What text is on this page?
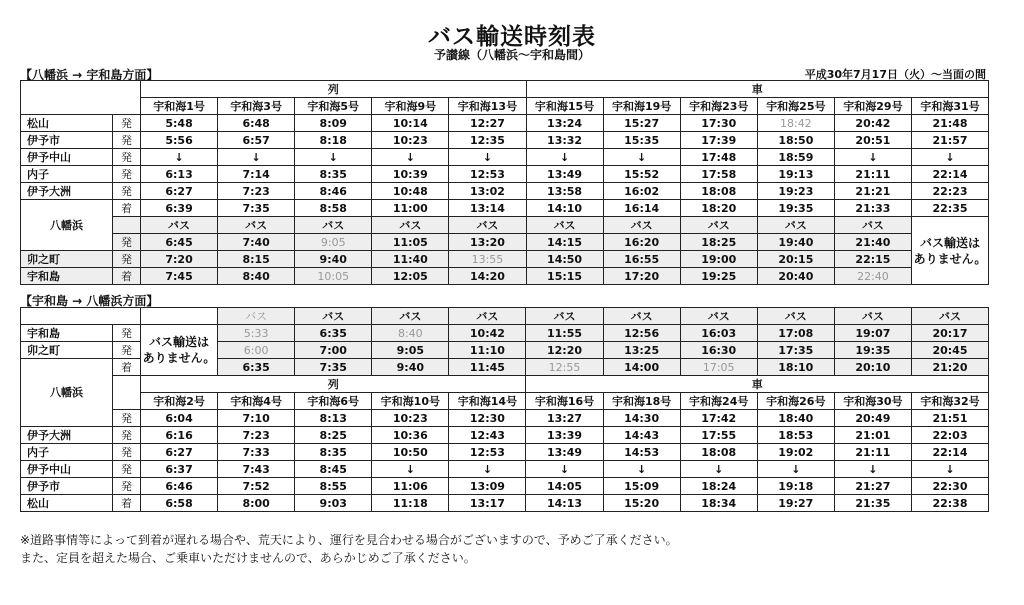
バス輸送時刻表
予讃線（八幡浜～宇和島間）
【八幡浜 → 宇和島方面】	平成30年7月17日（火）～当面の間
		列					車					
		宇和海1号	宇和海3号	宇和海5号	宇和海9号	宇和海13号	宇和海15号	宇和海19号	宇和海23号	宇和海25号	宇和海29号	宇和海31号
松山	発	5:48	6:48	8:09	10:14	12:27	13:24	15:27	17:30	18:42	20:42	21:48
伊予市	発	5:56	6:57	8:18	10:23	12:35	13:32	15:35	17:39	18:50	20:51	21:57
伊予中山	発	↓	↓	↓	↓	↓	↓	↓	17:48	18:59	↓	↓
内子	発	6:13	7:14	8:35	10:39	12:53	13:49	15:52	17:58	19:13	21:11	22:14
伊予大洲	発	6:27	7:23	8:46	10:48	13:02	13:58	16:02	18:08	19:23	21:21	22:23
八幡浜	着	6:39	7:35	8:58	11:00	13:14	14:10	16:14	18:20	19:35	21:33	22:35
		バス	バス	バス	バス	バス	バス	バス	バス	バス	バス	バス輸送は
ありません。
	発	6:45	7:40	9:05	11:05	13:20	14:15	16:20	18:25	19:40	21:40	
卯之町	発	7:20	8:15	9:40	11:40	13:55	14:50	16:55	19:00	20:15	22:15	
宇和島	着	7:45	8:40	10:05	12:05	14:20	15:15	17:20	19:25	20:40	22:40	
【宇和島 → 八幡浜方面】
			バス	バス	バス	バス	バス	バス	バス	バス	バス	バス
宇和島	発	バス輸送は
ありません。	5:33	6:35	8:40	10:42	11:55	12:56	16:03	17:08	19:07	20:17
卯之町	発		6:00	7:00	9:05	11:10	12:20	13:25	16:30	17:35	19:35	20:45
八幡浜	着		6:35	7:35	9:40	11:45	12:55	14:00	17:05	18:10	20:10	21:20
		列					車					
		宇和海2号	宇和海4号	宇和海6号	宇和海10号	宇和海14号	宇和海16号	宇和海18号	宇和海24号	宇和海26号	宇和海30号	宇和海32号
	発	6:04	7:10	8:13	10:23	12:30	13:27	14:30	17:42	18:40	20:49	21:51
伊予大洲	発	6:16	7:23	8:25	10:36	12:43	13:39	14:43	17:55	18:53	21:01	22:03
内子	発	6:27	7:33	8:35	10:50	12:53	13:49	14:53	18:08	19:02	21:11	22:14
伊予中山	発	6:37	7:43	8:45	↓	↓	↓	↓	↓	↓	↓	↓
伊予市	発	6:46	7:52	8:55	11:06	13:09	14:05	15:09	18:24	19:18	21:27	22:30
松山	着	6:58	8:00	9:03	11:18	13:17	14:13	15:20	18:34	19:27	21:35	22:38
※道路事情等によって到着が遅れる場合や、荒天により、運行を見合わせる場合がございますので、予めご了承ください。
また、定員を超えた場合、ご乗車いただけませんので、あらかじめご了承ください。
